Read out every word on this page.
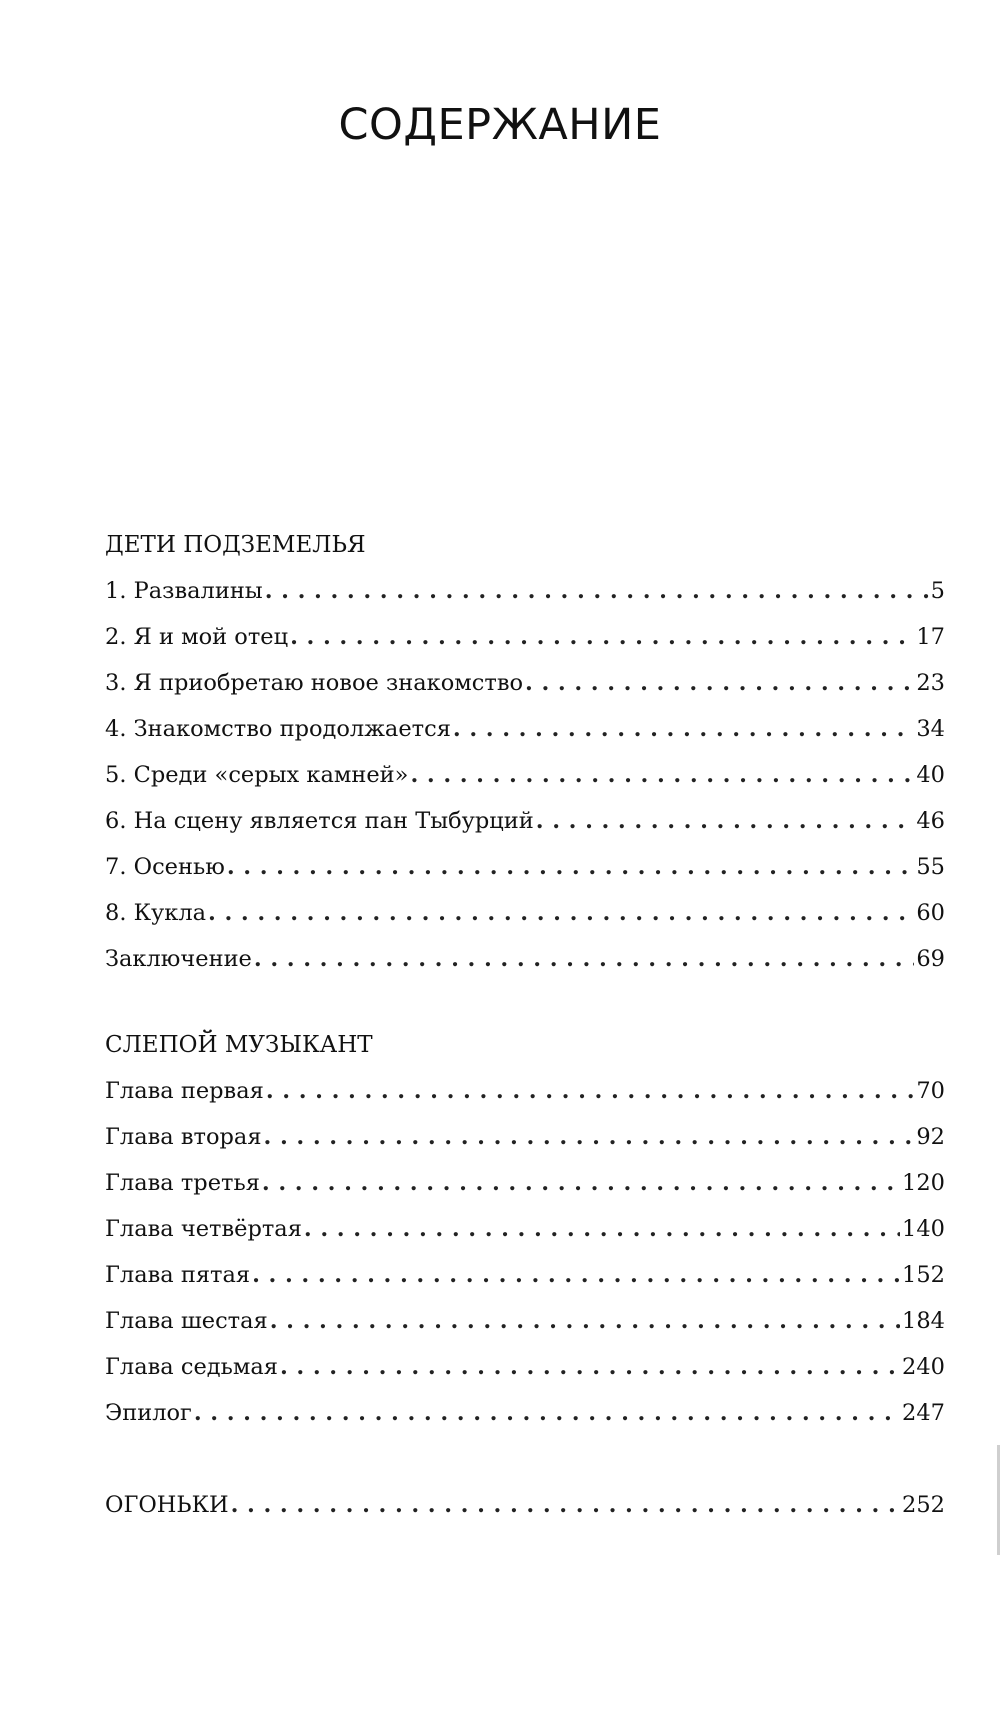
СОДЕРЖАНИЕ
ДЕТИ ПОДЗЕМЕЛЬЯ
1. Развалины .....	5
2. Я и мой отец .....	17
3. Я приобретаю новое знакомство .....	23
4. Знакомство продолжается .....	34
5. Среди «серых камней» .....	40
6. На сцену является пан Тыбурций .....	46
7. Осенью .....	55
8. Кукла .....	60
Заключение .....	69
СЛЕПОЙ МУЗЫКАНТ
Глава первая .....	70
Глава вторая .....	92
Глава третья .....	120
Глава четвёртая .....	140
Глава пятая .....	152
Глава шестая .....	184
Глава седьмая .....	240
Эпилог .....	247
ОГОНЬКИ .....	252
